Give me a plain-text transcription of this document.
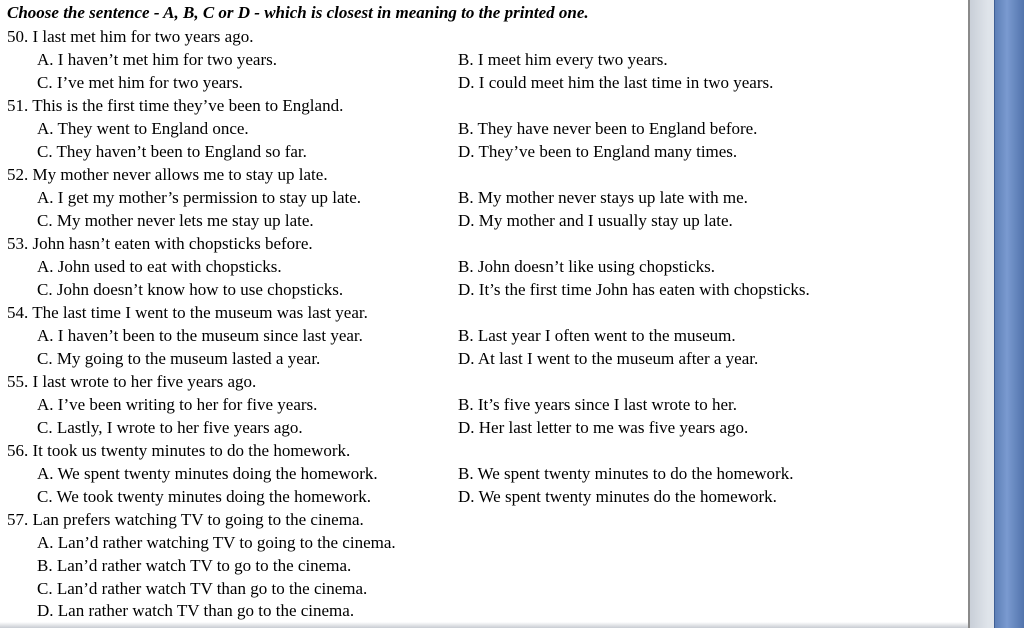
Choose the sentence - A, B, C or D - which is closest in meaning to the printed one.
50. I last met him for two years ago.
A. I haven’t met him for two years.	B. I meet him every two years.
C. I’ve met him for two years.	D. I could meet him the last time in two years.
51. This is the first time they’ve been to England.
A. They went to England once.	B. They have never been to England before.
C. They haven’t been to England so far.	D. They’ve been to England many times.
52. My mother never allows me to stay up late.
A. I get my mother’s permission to stay up late.	B. My mother never stays up late with me.
C. My mother never lets me stay up late.	D. My mother and I usually stay up late.
53. John hasn’t eaten with chopsticks before.
A. John used to eat with chopsticks.	B. John doesn’t like using chopsticks.
C. John doesn’t know how to use chopsticks.	D. It’s the first time John has eaten with chopsticks.
54. The last time I went to the museum was last year.
A. I haven’t been to the museum since last year.	B. Last year I often went to the museum.
C. My going to the museum lasted a year.	D. At last I went to the museum after a year.
55. I last wrote to her five years ago.
A. I’ve been writing to her for five years.	B. It’s five years since I last wrote to her.
C. Lastly, I wrote to her five years ago.	D. Her last letter to me was five years ago.
56. It took us twenty minutes to do the homework.
A. We spent twenty minutes doing the homework.	B. We spent twenty minutes to do the homework.
C. We took twenty minutes doing the homework.	D. We spent twenty minutes do the homework.
57. Lan prefers watching TV to going to the cinema.
A. Lan’d rather watching TV to going to the cinema.
B. Lan’d rather watch TV to go to the cinema.
C. Lan’d rather watch TV than go to the cinema.
D. Lan rather watch TV than go to the cinema.
